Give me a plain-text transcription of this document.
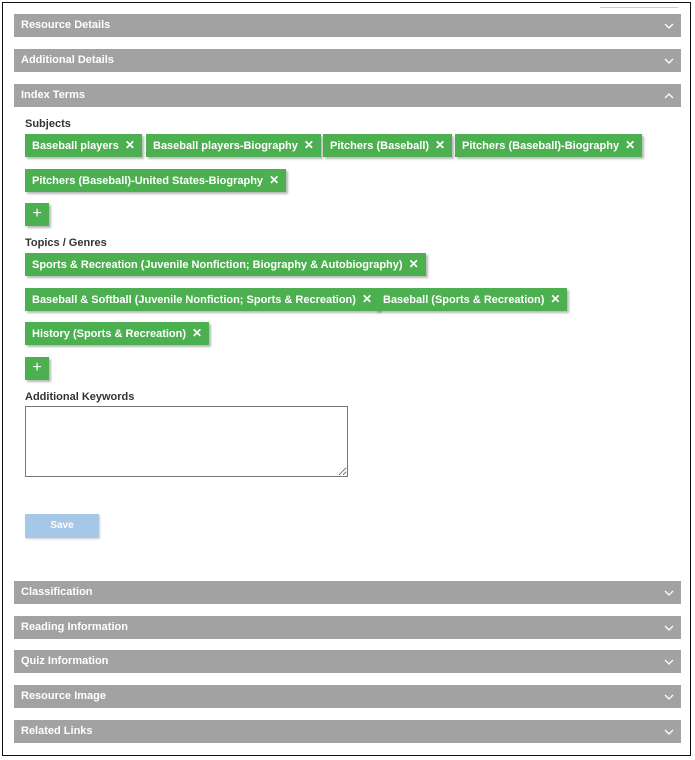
Resource Details
Additional Details
Index Terms
Subjects
Baseball players ✕	Baseball players-Biography ✕	Pitchers (Baseball) ✕	Pitchers (Baseball)-Biography ✕
Pitchers (Baseball)-United States-Biography ✕
+
Topics / Genres
Sports & Recreation (Juvenile Nonfiction; Biography & Autobiography) ✕
Baseball & Softball (Juvenile Nonfiction; Sports & Recreation) ✕	Baseball (Sports & Recreation) ✕
History (Sports & Recreation) ✕
+
Additional Keywords
Save
Classification
Reading Information
Quiz Information
Resource Image
Related Links
